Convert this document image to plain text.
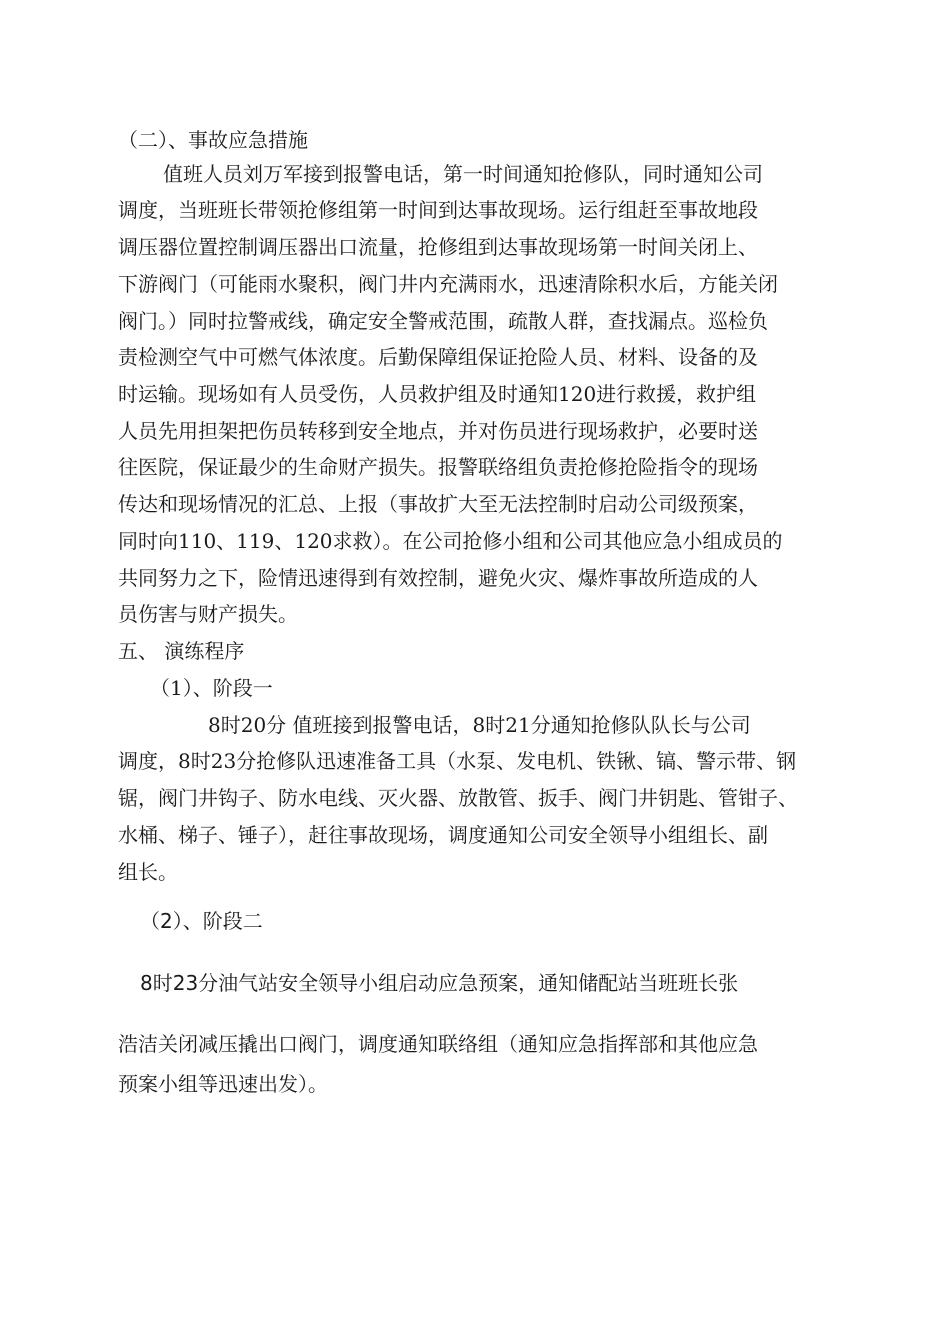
（二）、事故应急措施
值班人员刘万军接到报警电话，第一时间通知抢修队，同时通知公司
调度，当班班长带领抢修组第一时间到达事故现场。运行组赶至事故地段
调压器位置控制调压器出口流量，抢修组到达事故现场第一时间关闭上、
下游阀门（可能雨水聚积，阀门井内充满雨水，迅速清除积水后，方能关闭
阀门。）同时拉警戒线，确定安全警戒范围，疏散人群，查找漏点。巡检负
责检测空气中可燃气体浓度。后勤保障组保证抢险人员、材料、设备的及
时运输。现场如有人员受伤，人员救护组及时通知120进行救援，救护组
人员先用担架把伤员转移到安全地点，并对伤员进行现场救护，必要时送
往医院，保证最少的生命财产损失。报警联络组负责抢修抢险指令的现场
传达和现场情况的汇总、上报（事故扩大至无法控制时启动公司级预案，
同时向110、119、120求救）。在公司抢修小组和公司其他应急小组成员的
共同努力之下，险情迅速得到有效控制，避免火灾、爆炸事故所造成的人
员伤害与财产损失。
五、 演练程序
（1）、阶段一
8时20分 值班接到报警电话，8时21分通知抢修队队长与公司
调度，8时23分抢修队迅速准备工具（水泵、发电机、铁锹、镐、警示带、钢
锯，阀门井钩子、防水电线、灭火器、放散管、扳手、阀门井钥匙、管钳子、
水桶、梯子、锤子），赶往事故现场，调度通知公司安全领导小组组长、副
组长。
（2）、阶段二
8时23分油气站安全领导小组启动应急预案，通知储配站当班班长张
浩洁关闭减压撬出口阀门，调度通知联络组（通知应急指挥部和其他应急
预案小组等迅速出发）。
